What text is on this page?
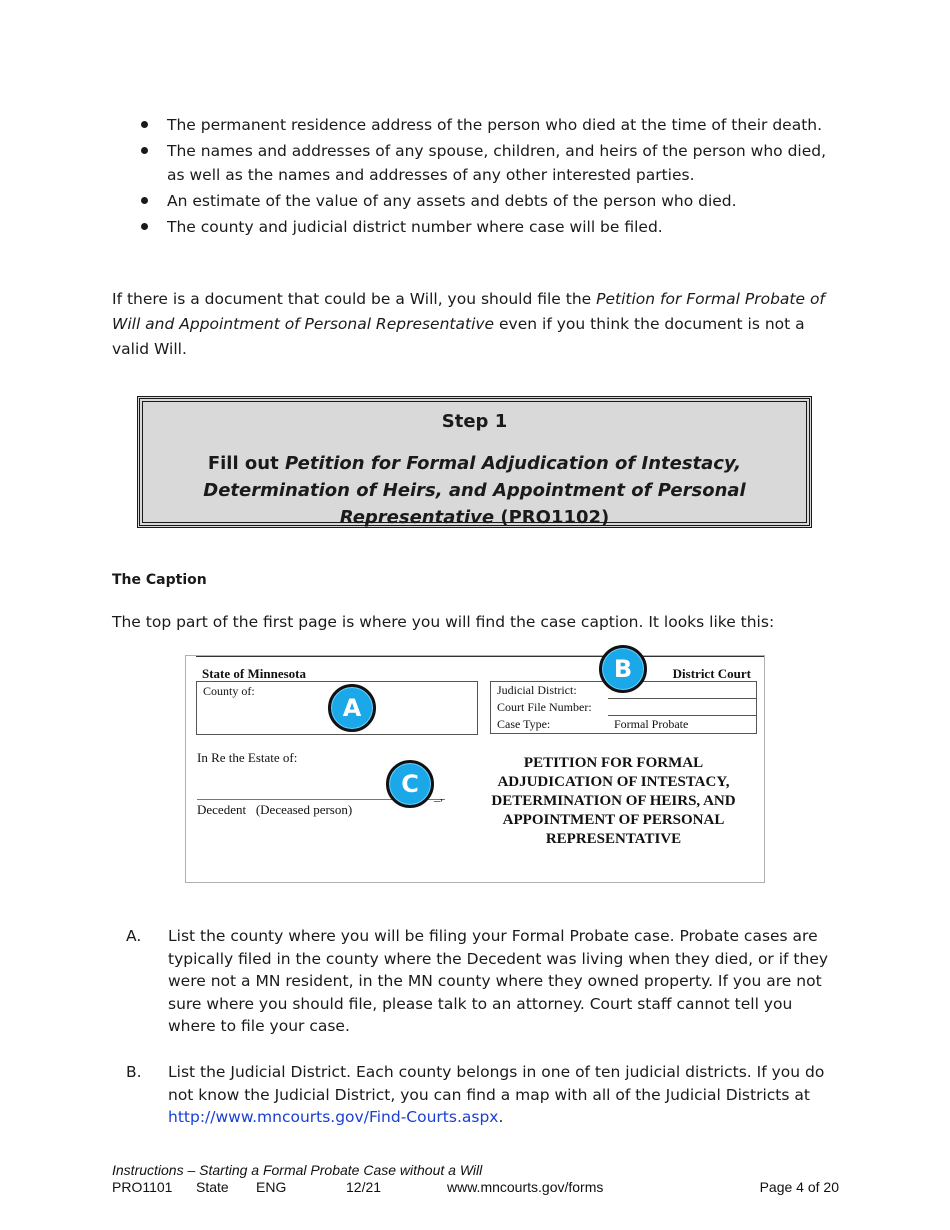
The permanent residence address of the person who died at the time of their death.
The names and addresses of any spouse, children, and heirs of the person who died, as well as the names and addresses of any other interested parties.
An estimate of the value of any assets and debts of the person who died.
The county and judicial district number where case will be filed.

If there is a document that could be a Will, you should file the Petition for Formal Probate of Will and Appointment of Personal Representative even if you think the document is not a valid Will.

Step 1
Fill out Petition for Formal Adjudication of Intestacy, Determination of Heirs, and Appointment of Personal Representative (PRO1102)
The Caption

The top part of the first page is where you will find the case caption. It looks like this:

State of Minnesota	District Court
County of:	Judicial District:
Court File Number:
Case Type:	Formal Probate
In Re the Estate of:
_,
Decedent   (Deceased person)
PETITION FOR FORMAL ADJUDICATION OF INTESTACY, DETERMINATION OF HEIRS, AND APPOINTMENT OF PERSONAL REPRESENTATIVE
A
B
C
A. List the county where you will be filing your Formal Probate case. Probate cases are typically filed in the county where the Decedent was living when they died, or if they were not a MN resident, in the MN county where they owned property. If you are not sure where you should file, please talk to an attorney. Court staff cannot tell you where to file your case.
B. List the Judicial District. Each county belongs in one of ten judicial districts. If you do not know the Judicial District, you can find a map with all of the Judicial Districts at http://www.mncourts.gov/Find-Courts.aspx.
Instructions – Starting a Formal Probate Case without a Will
PRO1101 State ENG	12/21	www.mncourts.gov/forms	Page 4 of 20
